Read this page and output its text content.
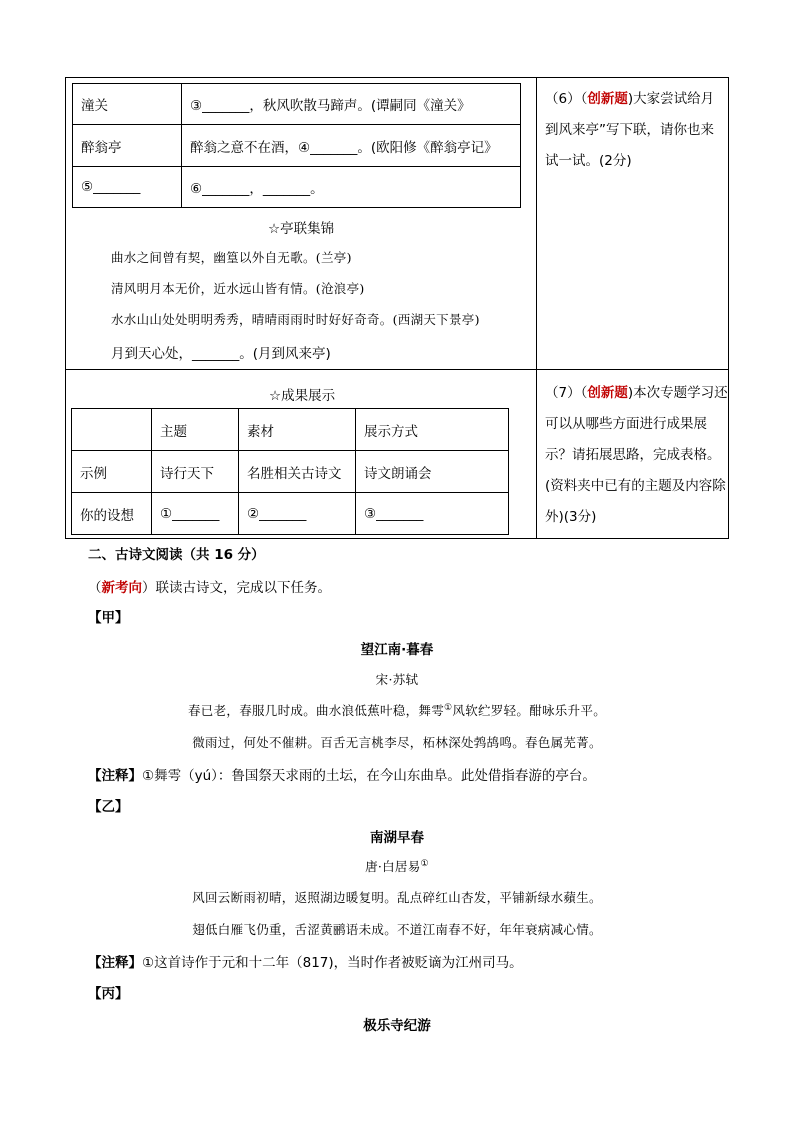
潼关	③_______，秋风吹散马蹄声。(谭嗣同《潼关》
醉翁亭	醉翁之意不在酒，④_______。(欧阳修《醉翁亭记》
⑤_______	⑥_______，_______。
☆亭联集锦
曲水之间曾有契，幽篁以外自无歌。(兰亭)
清风明月本无价，近水远山皆有情。(沧浪亭)
水水山山处处明明秀秀，晴晴雨雨时时好好奇奇。(西湖天下景亭)
月到天心处，_______。(月到风来亭)
（6）（创新题)大家尝试给月到风来亭”写下联，请你也来试一试。(2分)
☆成果展示
	主题	素材	展示方式
示例	诗行天下	名胜相关古诗文	诗文朗诵会
你的设想	①_______	②_______	③_______
（7）（创新题)本次专题学习还可以从哪些方面进行成果展示？请拓展思路，完成表格。(资料夹中已有的主题及内容除外)(3分)
二、古诗文阅读（共 16 分）
（新考向）联读古诗文，完成以下任务。
【甲】
望江南·暮春
宋·苏轼
春已老，春服几时成。曲水浪低蕉叶稳，舞雩①风软纻罗轻。酣咏乐升平。
微雨过，何处不催耕。百舌无言桃李尽，柘林深处鹁鸪鸣。春色属芜菁。
【注释】①舞雩（yú）：鲁国祭天求雨的土坛，在今山东曲阜。此处借指春游的亭台。
【乙】
南湖早春
唐·白居易①
风回云断雨初晴，返照湖边暖复明。乱点碎红山杏发，平铺新绿水蘋生。
翅低白雁飞仍重，舌涩黄鹂语未成。不道江南春不好，年年衰病减心情。
【注释】①这首诗作于元和十二年（817)，当时作者被贬谪为江州司马。
【丙】
极乐寺纪游
